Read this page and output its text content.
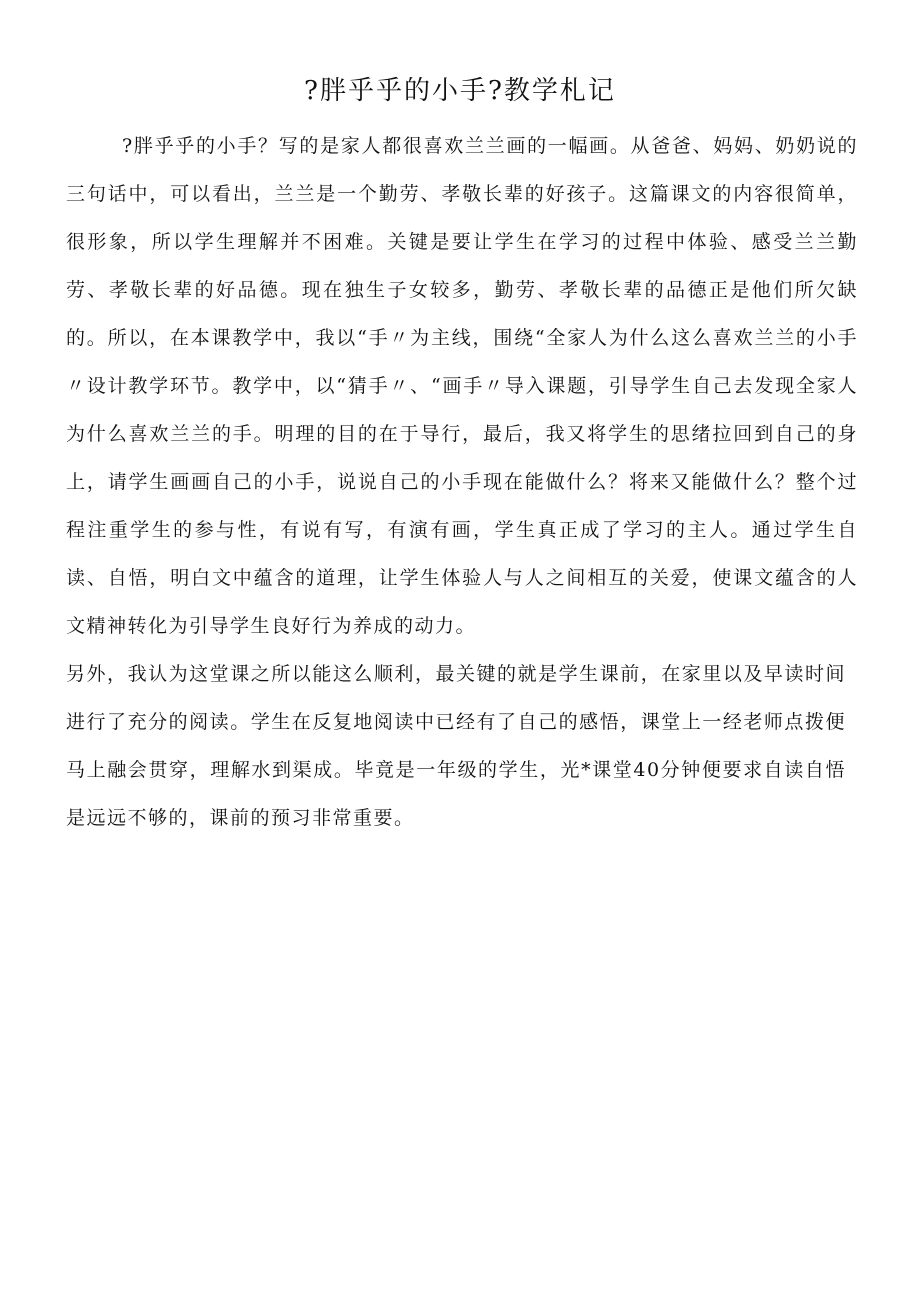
?胖乎乎的小手?教学札记

?胖乎乎的小手？写的是家人都很喜欢兰兰画的一幅画。从爸爸、妈妈、奶奶说的三句话中，可以看出，兰兰是一个勤劳、孝敬长辈的好孩子。这篇课文的内容很简单，很形象，所以学生理解并不困难。关键是要让学生在学习的过程中体验、感受兰兰勤劳、孝敬长辈的好品德。现在独生子女较多，勤劳、孝敬长辈的品德正是他们所欠缺的。所以，在本课教学中，我以“手〃为主线，围绕“全家人为什么这么喜欢兰兰的小手〃设计教学环节。教学中，以“猜手〃、“画手〃导入课题，引导学生自己去发现全家人为什么喜欢兰兰的手。明理的目的在于导行，最后，我又将学生的思绪拉回到自己的身上，请学生画画自己的小手，说说自己的小手现在能做什么？将来又能做什么？整个过程注重学生的参与性，有说有写，有演有画，学生真正成了学习的主人。通过学生自读、自悟，明白文中蕴含的道理，让学生体验人与人之间相互的关爱，使课文蕴含的人文精神转化为引导学生良好行为养成的动力。

另外，我认为这堂课之所以能这么顺利，最关键的就是学生课前，在家里以及早读时间进行了充分的阅读。学生在反复地阅读中已经有了自己的感悟，课堂上一经老师点拨便马上融会贯穿，理解水到渠成。毕竟是一年级的学生，光*课堂40分钟便要求自读自悟是远远不够的，课前的预习非常重要。
